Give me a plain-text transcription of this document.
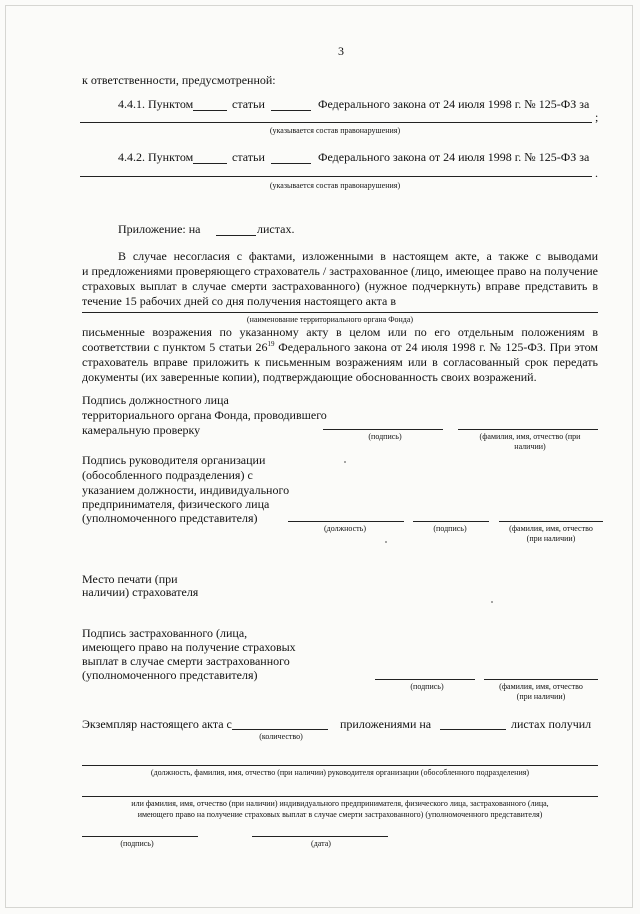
3
к ответственности, предусмотренной:
4.4.1. Пунктом	статьи	Федерального закона от 24 июля 1998 г. № 125-ФЗ за
;
(указывается состав правонарушения)
4.4.2. Пунктом	статьи	Федерального закона от 24 июля 1998 г. № 125-ФЗ за
.
(указывается состав правонарушения)
Приложение: на	листах.
В случае несогласия с фактами, изложенными в настоящем акте, а также с выводами
и предложениями проверяющего страхователь / застрахованное (лицо, имеющее право на получение
страховых выплат в случае смерти застрахованного) (нужное подчеркнуть) вправе представить в
течение 15 рабочих дней со дня получения настоящего акта в
(наименование территориального органа Фонда)
письменные возражения по указанному акту в целом или по его отдельным положениям в
соответствии с пунктом 5 статьи $26^{19}$ Федерального закона от 24 июля 1998 г. № 125-ФЗ. При этом
страхователь вправе приложить к письменным возражениям или в согласованный срок передать
документы (их заверенные копии), подтверждающие обоснованность своих возражений.
Подпись должностного лица
территориального органа Фонда, проводившего
камеральную проверку	(подпись)	(фамилия, имя, отчество (при
наличии)
Подпись руководителя организации
(обособленного подразделения) с
указанием должности, индивидуального
предпринимателя, физического лица
(уполномоченного представителя)
(должность)	(подпись)	(фамилия, имя, отчество
(при наличии)
Место печати (при
наличии) страхователя
Подпись застрахованного (лица,
имеющего право на получение страховых
выплат в случае смерти застрахованного
(уполномоченного представителя)
(подпись)	(фамилия, имя, отчество
(при наличии)
Экземпляр настоящего акта с	приложениями на	листах получил
(количество)
(должность, фамилия, имя, отчество (при наличии) руководителя организации (обособленного подразделения)
или фамилия, имя, отчество (при наличии) индивидуального предпринимателя, физического лица, застрахованного (лица,
имеющего право на получение страховых выплат в случае смерти застрахованного) (уполномоченного представителя)
(подпись)	(дата)
